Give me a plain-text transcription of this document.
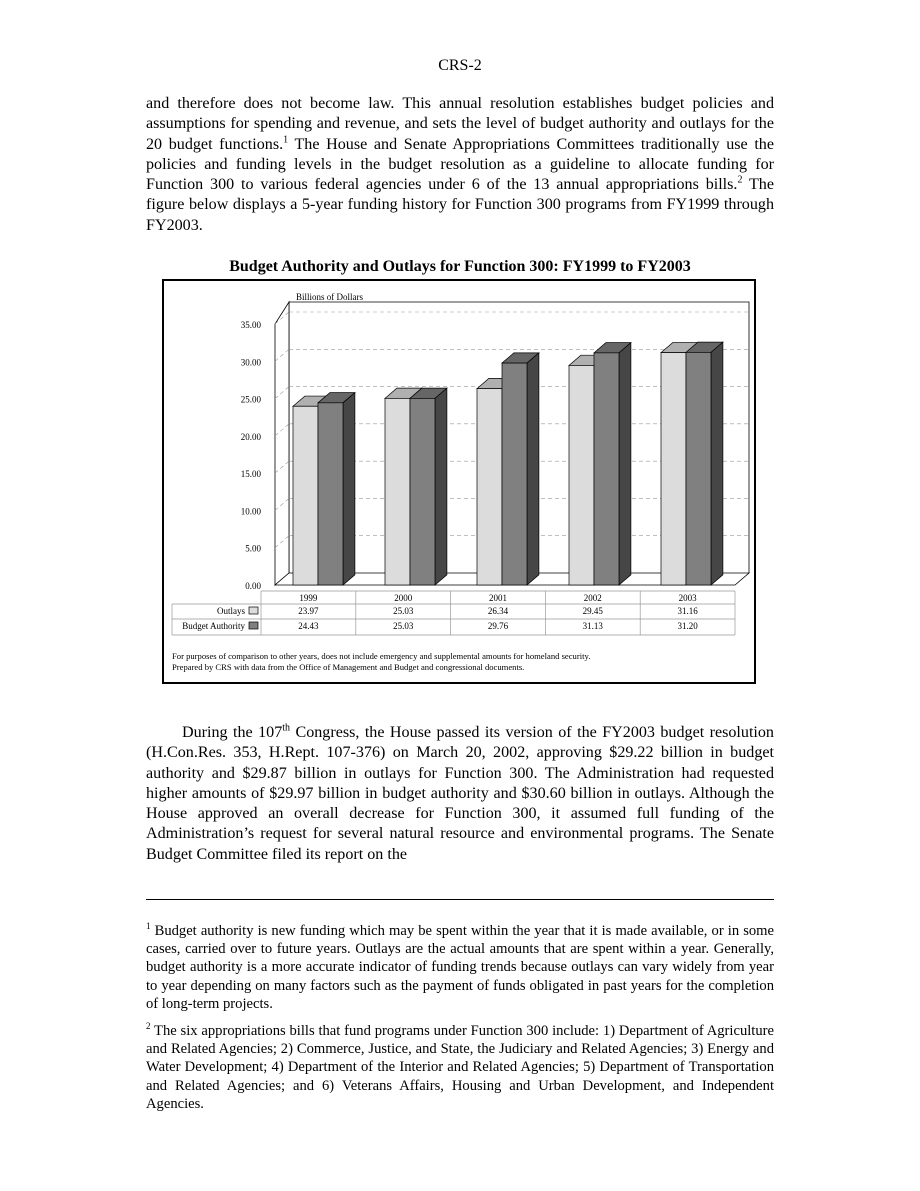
CRS-2

and therefore does not become law. This annual resolution establishes budget policies and assumptions for spending and revenue, and sets the level of budget authority and outlays for the 20 budget functions.$^1$ The House and Senate Appropriations Committees traditionally use the policies and funding levels in the budget resolution as a guideline to allocate funding for Function 300 to various federal agencies under 6 of the 13 annual appropriations bills.$^2$ The figure below displays a 5-year funding history for Function 300 programs from FY1999 through FY2003.

Budget Authority and Outlays for Function 300: FY1999 to FY2003
0.00
5.00
10.00
15.00
20.00
25.00
30.00
35.00
Billions of Dollars
1999	2000	2001	2002	2003
Outlays	23.97	25.03	26.34	29.45	31.16
Budget Authority	24.43	25.03	29.76	31.13	31.20
For purposes of comparison to other years, does not include emergency and supplemental amounts for homeland security.
Prepared by CRS with data from the Office of Management and Budget and congressional documents.

During the 107th Congress, the House passed its version of the FY2003 budget resolution (H.Con.Res. 353, H.Rept. 107-376) on March 20, 2002, approving $29.22 billion in budget authority and $29.87 billion in outlays for Function 300. The Administration had requested higher amounts of $29.97 billion in budget authority and $30.60 billion in outlays. Although the House approved an overall decrease for Function 300, it assumed full funding of the Administration’s request for several natural resource and environmental programs. The Senate Budget Committee filed its report on the

$^1$ Budget authority is new funding which may be spent within the year that it is made available, or in some cases, carried over to future years. Outlays are the actual amounts that are spent within a year. Generally, budget authority is a more accurate indicator of funding trends because outlays can vary widely from year to year depending on many factors such as the payment of funds obligated in past years for the completion of long-term projects.

$^2$ The six appropriations bills that fund programs under Function 300 include: 1) Department of Agriculture and Related Agencies; 2) Commerce, Justice, and State, the Judiciary and Related Agencies; 3) Energy and Water Development; 4) Department of the Interior and Related Agencies; 5) Department of Transportation and Related Agencies; and 6) Veterans Affairs, Housing and Urban Development, and Independent Agencies.
